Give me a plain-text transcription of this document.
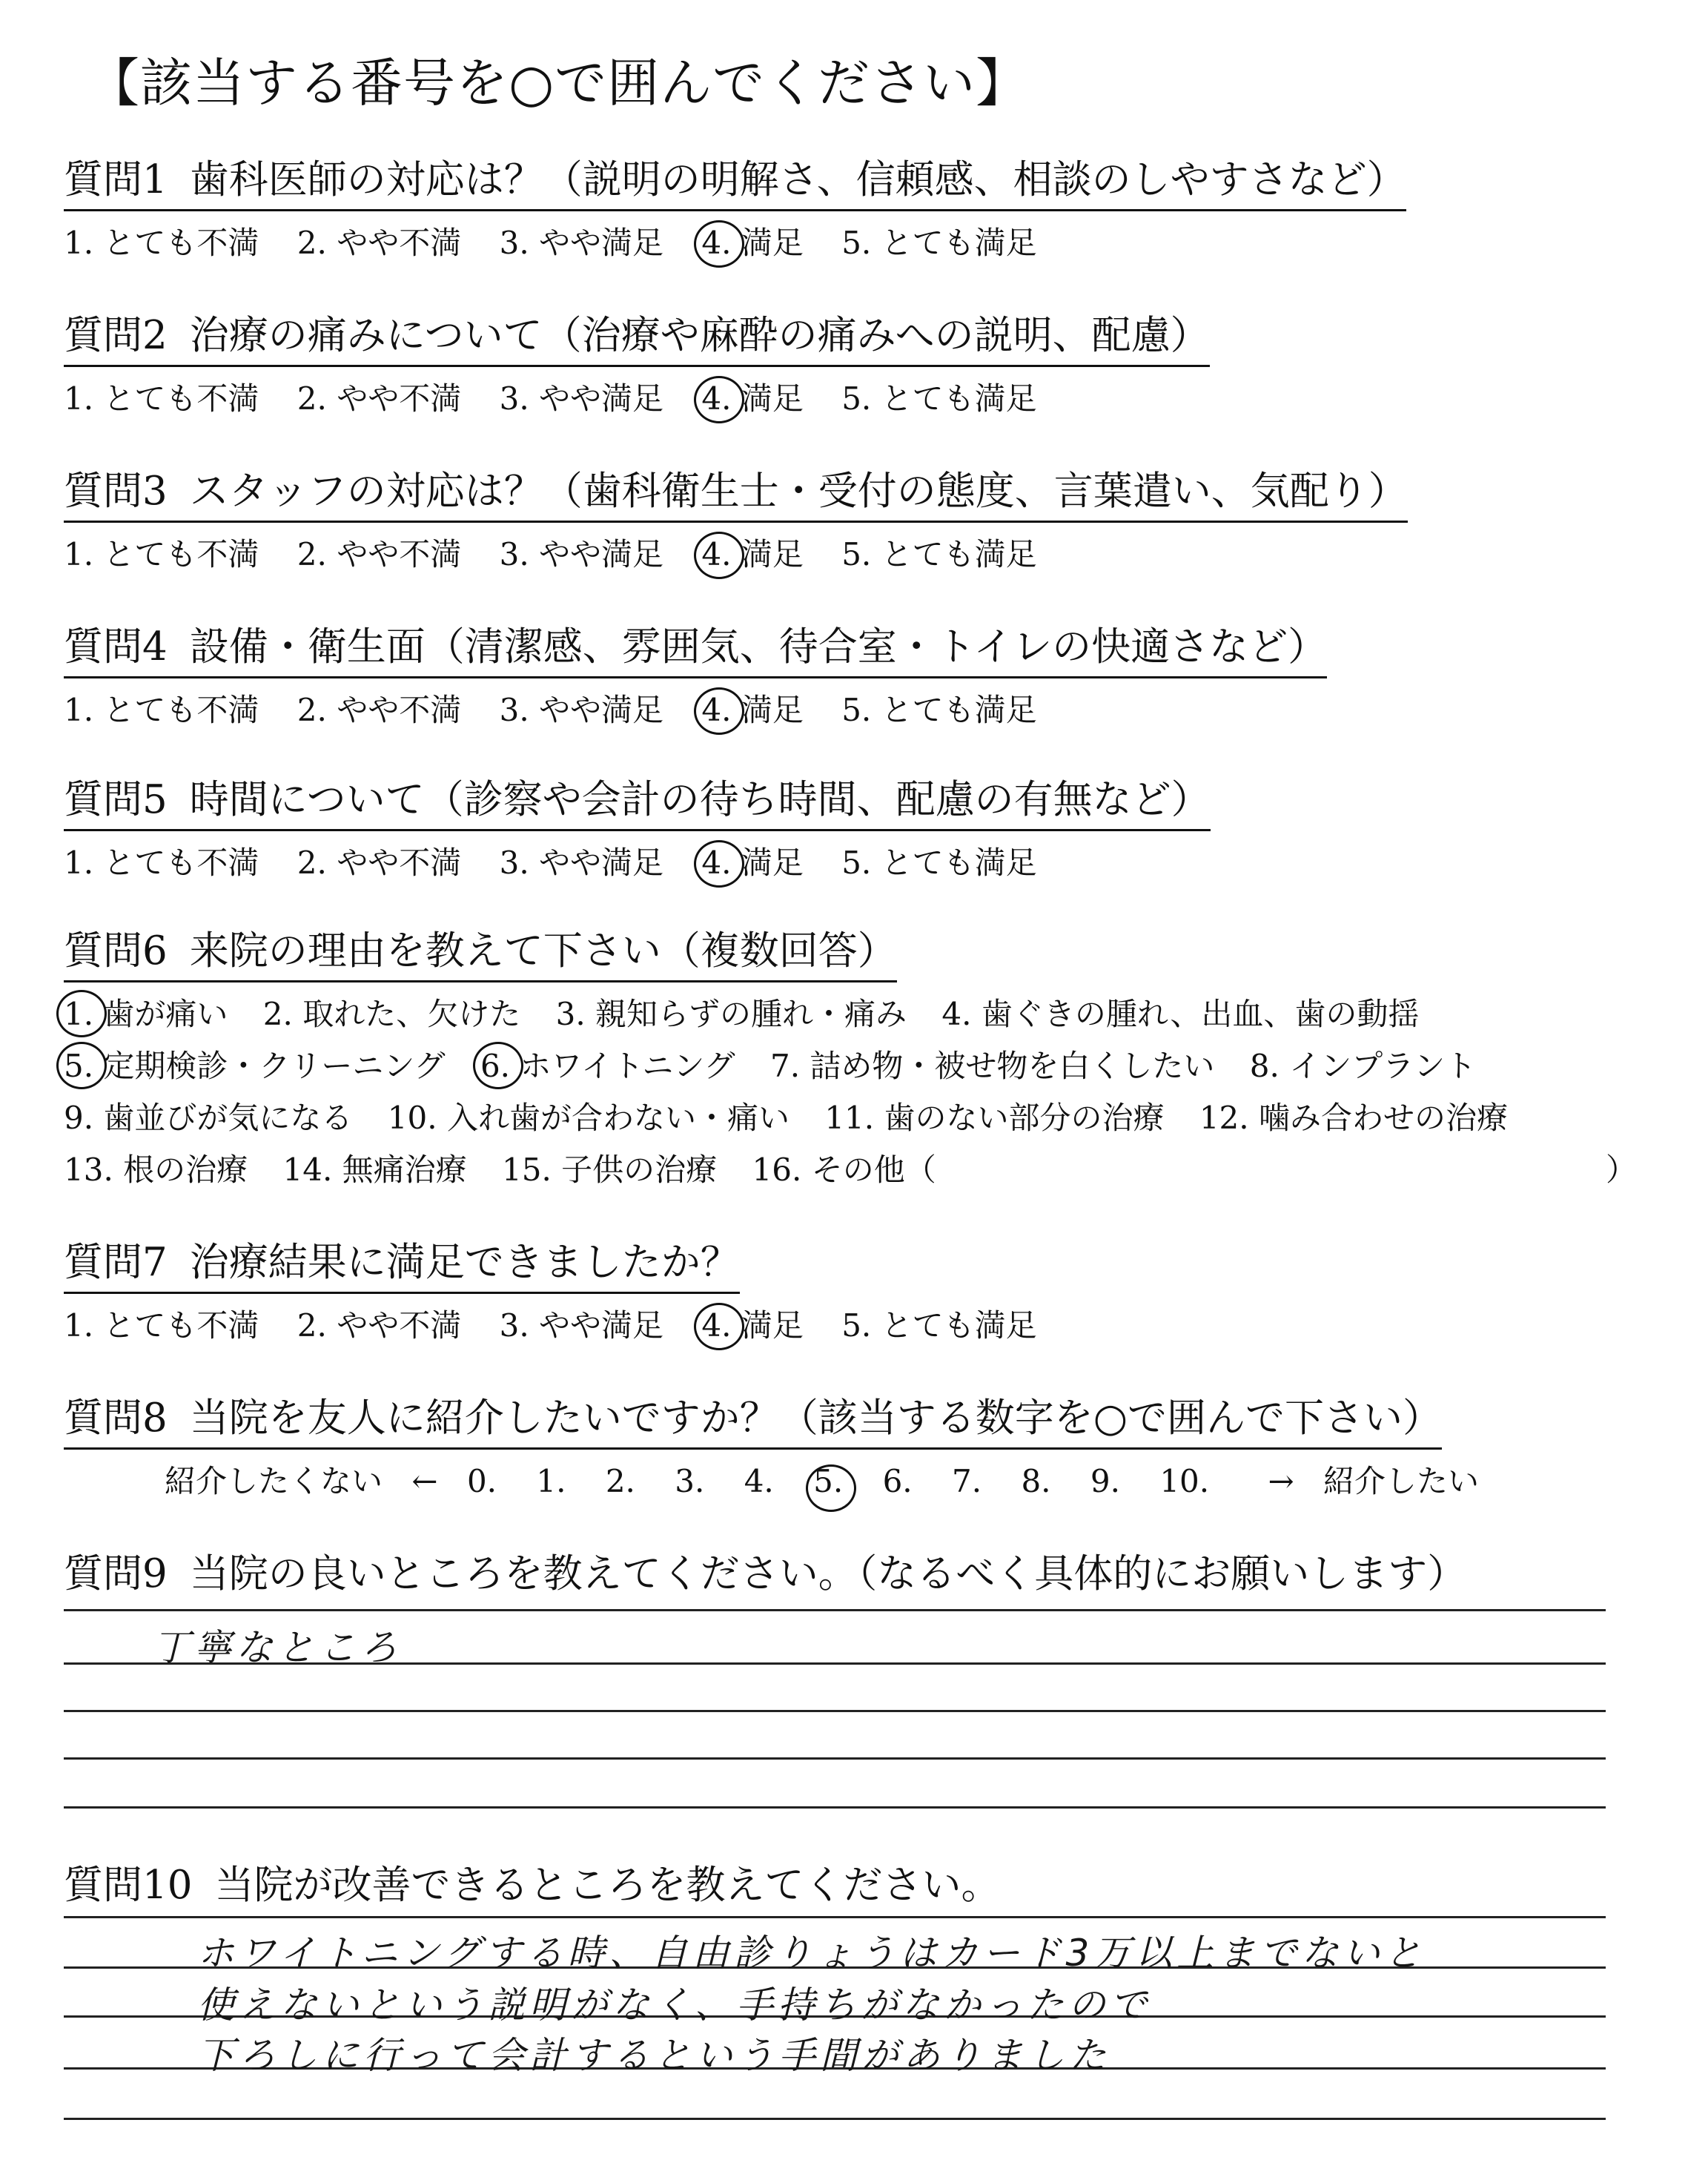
【該当する番号を○で囲んでください】
質問1 歯科医師の対応は？（説明の明解さ、信頼感、相談のしやすさなど）
1. とても不満 2. やや不満 3. やや満足 4. 満足 5. とても満足
質問2 治療の痛みについて（治療や麻酔の痛みへの説明、配慮）
1. とても不満 2. やや不満 3. やや満足 4. 満足 5. とても満足
質問3 スタッフの対応は？（歯科衛生士・受付の態度、言葉遣い、気配り）
1. とても不満 2. やや不満 3. やや満足 4. 満足 5. とても満足
質問4 設備・衛生面（清潔感、雰囲気、待合室・トイレの快適さなど）
1. とても不満 2. やや不満 3. やや満足 4. 満足 5. とても満足
質問5 時間について（診察や会計の待ち時間、配慮の有無など）
1. とても不満 2. やや不満 3. やや満足 4. 満足 5. とても満足
質問6 来院の理由を教えて下さい（複数回答）
1. 歯が痛い 2. 取れた、欠けた 3. 親知らずの腫れ・痛み 4. 歯ぐきの腫れ、出血、歯の動揺
5. 定期検診・クリーニング 6. ホワイトニング 7. 詰め物・被せ物を白くしたい 8. インプラント
9. 歯並びが気になる 10. 入れ歯が合わない・痛い 11. 歯のない部分の治療 12. 噛み合わせの治療
13. 根の治療 14. 無痛治療 15. 子供の治療 16. その他（	）
質問7 治療結果に満足できましたか？
1. とても不満 2. やや不満 3. やや満足 4. 満足 5. とても満足
質問8 当院を友人に紹介したいですか？（該当する数字を○で囲んで下さい）
紹介したくない ← 0. 1. 2. 3. 4. 5. 6. 7. 8. 9. 10. → 紹介したい
質問9 当院の良いところを教えてください。（なるべく具体的にお願いします）
丁寧なところ
質問10 当院が改善できるところを教えてください。
ホワイトニングする時、自由診りょうはカード3万以上までないと
使えないという説明がなく、手持ちがなかったので
下ろしに行って会計するという手間がありました
